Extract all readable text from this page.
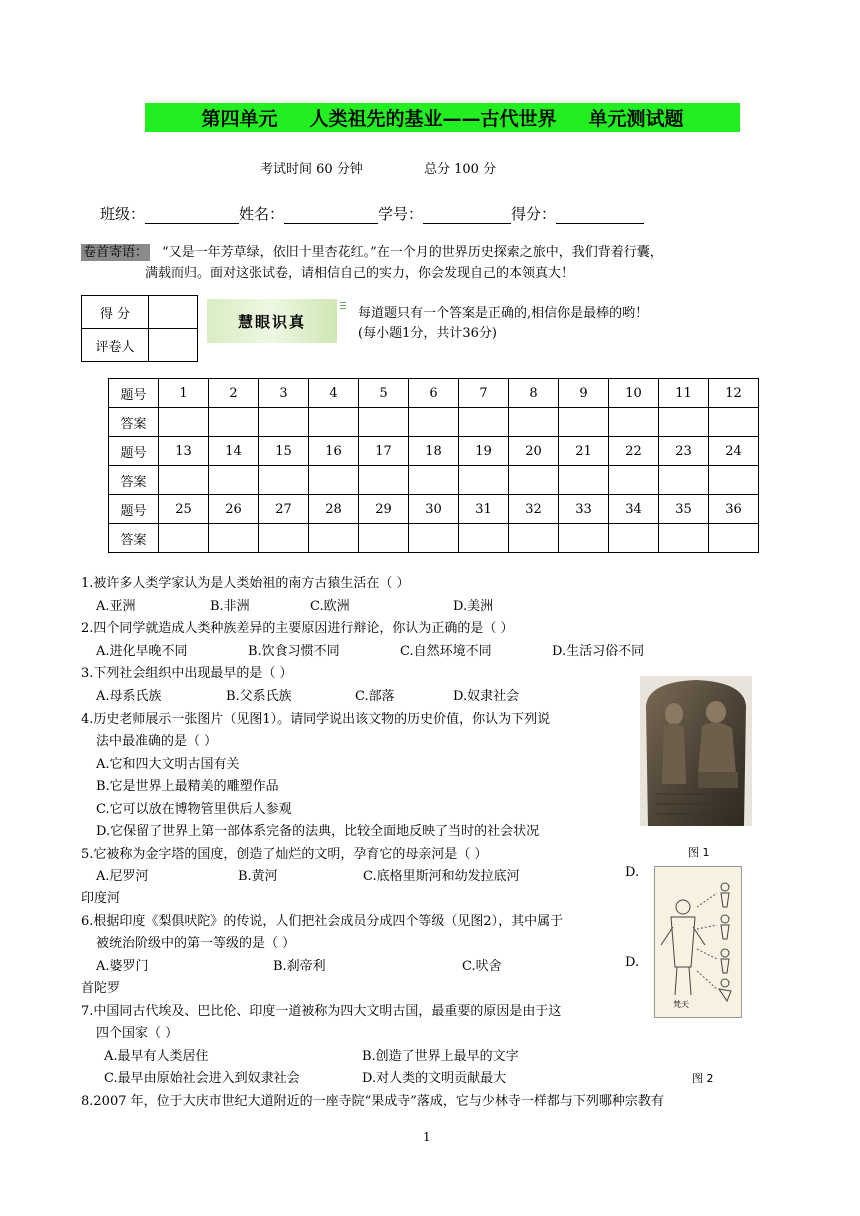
第四单元 人类祖先的基业——古代世界 单元测试题
考试时间 60 分钟	总分 100 分
班级：	姓名：	学号：	得分：
卷首寄语： “又是一年芳草绿，依旧十里杏花红。”在一个月的世界历史探索之旅中，我们背着行囊，
满载而归。面对这张试卷，请相信自己的实力，你会发现自己的本领真大！
得 分	
评卷人	
慧眼识真	每道题只有一个答案是正确的,相信你是最棒的哟！
(每小题1分，共计36分)
题号	1	2	3	4	5	6	7	8	9	10	11	12
答案												
题号	13	14	15	16	17	18	19	20	21	22	23	24
答案												
题号	25	26	27	28	29	30	31	32	33	34	35	36
答案												
1.被许多人类学家认为是人类始祖的南方古猿生活在（ ）
A.亚洲	B.非洲	C.欧洲	D.美洲
2.四个同学就造成人类种族差异的主要原因进行辩论，你认为正确的是（ ）
A.进化早晚不同	B.饮食习惯不同	C.自然环境不同	D.生活习俗不同
3.下列社会组织中出现最早的是（ ）
A.母系氏族	B.父系氏族	C.部落	D.奴隶社会
4.历史老师展示一张图片（见图1）。请同学说出该文物的历史价值，你认为下列说
法中最准确的是（ ）
A.它和四大文明古国有关
B.它是世界上最精美的雕塑作品
C.它可以放在博物管里供后人参观
D.它保留了世界上第一部体系完备的法典，比较全面地反映了当时的社会状况
5.它被称为金字塔的国度，创造了灿烂的文明，孕育它的母亲河是（ ）
A.尼罗河	B.黄河	C.底格里斯河和幼发拉底河	D.
印度河
6.根据印度《梨俱吠陀》的传说，人们把社会成员分成四个等级（见图2），其中属于
被统治阶级中的第一等级的是（ ）
A.婆罗门	B.刹帝利	C.吠舍	D.
首陀罗
7.中国同古代埃及、巴比伦、印度一道被称为四大文明古国，最重要的原因是由于这
四个国家（ ）
A.最早有人类居住	B.创造了世界上最早的文字
C.最早由原始社会进入到奴隶社会	D.对人类的文明贡献最大
8.2007 年，位于大庆市世纪大道附近的一座寺院“果成寺”落成，它与少林寺一样都与下列哪种宗教有
图 1
梵天
图 2
1
